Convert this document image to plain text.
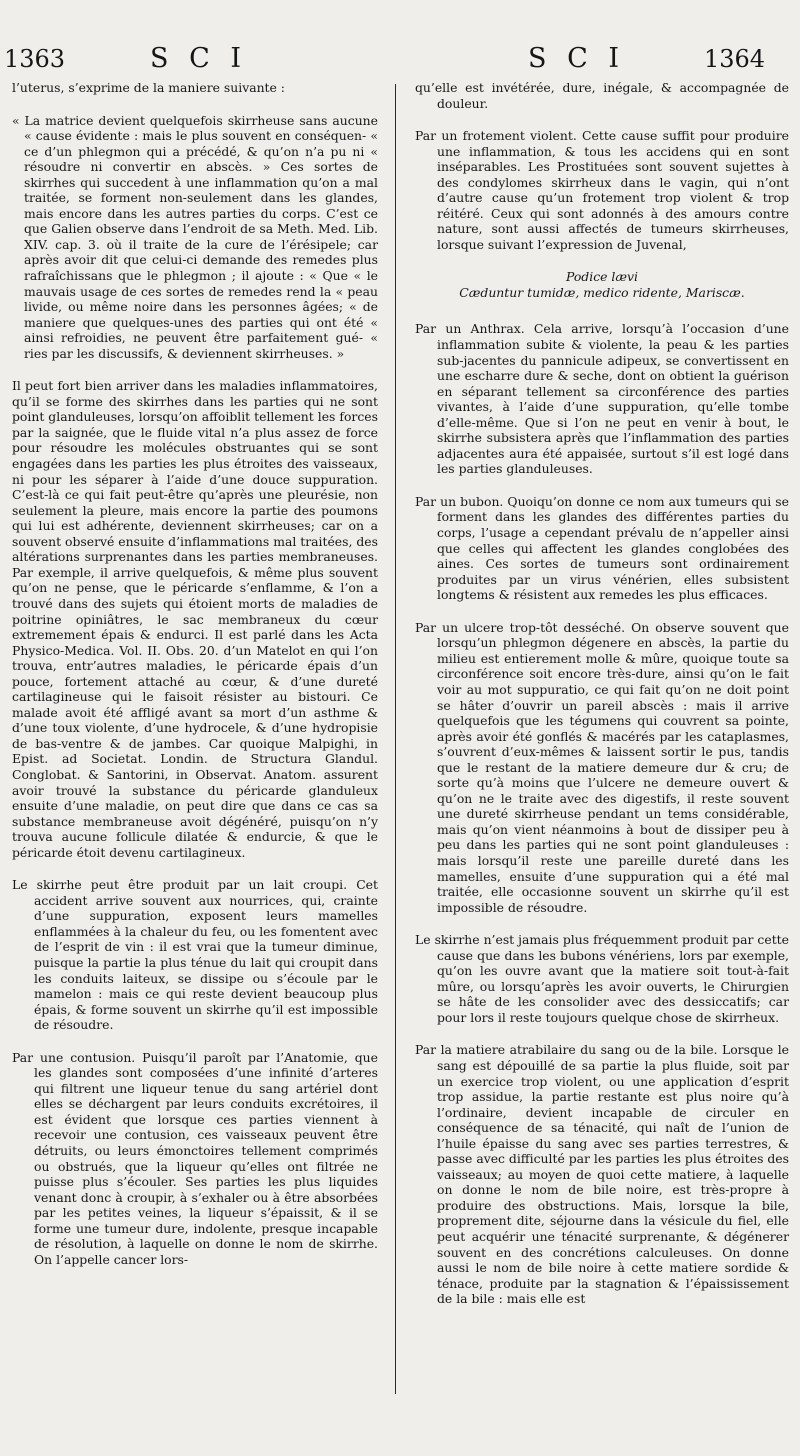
1363	S C I	S C I	1364

l’uterus, s’exprime de la maniere suivante :

« La matrice devient quelquefois skirrheuse sans aucune « cause évidente : mais le plus souvent en conséquen- « ce d’un phlegmon qui a précédé, & qu’on n’a pu ni « résoudre ni convertir en abscès. » Ces sortes de skirrhes qui succedent à une inflammation qu’on a mal traitée, se forment non-seulement dans les glandes, mais encore dans les autres parties du corps. C’est ce que Galien observe dans l’endroit de sa Meth. Med. Lib. XIV. cap. 3. où il traite de la cure de l’érésipele; car après avoir dit que celui-ci demande des remedes plus rafraîchissans que le phlegmon ; il ajoute : « Que « le mauvais usage de ces sortes de remedes rend la « peau livide, ou même noire dans les personnes âgées; « de maniere que quelques-unes des parties qui ont été « ainsi refroidies, ne peuvent être parfaitement gué- « ries par les discussifs, & deviennent skirrheuses. »

Il peut fort bien arriver dans les maladies inflammatoires, qu’il se forme des skirrhes dans les parties qui ne sont point glanduleuses, lorsqu’on affoiblit tellement les forces par la saignée, que le fluide vital n’a plus assez de force pour résoudre les molécules obstruantes qui se sont engagées dans les parties les plus étroites des vaisseaux, ni pour les séparer à l’aide d’une douce suppuration. C’est-là ce qui fait peut-être qu’après une pleurésie, non seulement la pleure, mais encore la partie des poumons qui lui est adhérente, deviennent skirrheuses; car on a souvent observé ensuite d’inflammations mal traitées, des altérations surprenantes dans les parties membraneuses. Par exemple, il arrive quelquefois, & même plus souvent qu’on ne pense, que le péricarde s’enflamme, & l’on a trouvé dans des sujets qui étoient morts de maladies de poitrine opiniâtres, le sac membraneux du cœur extremement épais & endurci. Il est parlé dans les Acta Physico-Medica. Vol. II. Obs. 20. d’un Matelot en qui l’on trouva, entr’autres maladies, le péricarde épais d’un pouce, fortement attaché au cœur, & d’une dureté cartilagineuse qui le faisoit résister au bistouri. Ce malade avoit été affligé avant sa mort d’un asthme & d’une toux violente, d’une hydrocele, & d’une hydropisie de bas-ventre & de jambes. Car quoique Malpighi, in Epist. ad Societat. Londin. de Structura Glandul. Conglobat. & Santorini, in Observat. Anatom. assurent avoir trouvé la substance du péricarde glanduleux ensuite d’une maladie, on peut dire que dans ce cas sa substance membraneuse avoit dégénéré, puisqu’on n’y trouva aucune follicule dilatée & endurcie, & que le péricarde étoit devenu cartilagineux.

Le skirrhe peut être produit par un lait croupi. Cet accident arrive souvent aux nourrices, qui, crainte d’une suppuration, exposent leurs mamelles enflammées à la chaleur du feu, ou les fomentent avec de l’esprit de vin : il est vrai que la tumeur diminue, puisque la partie la plus ténue du lait qui croupit dans les conduits laiteux, se dissipe ou s’écoule par le mamelon : mais ce qui reste devient beaucoup plus épais, & forme souvent un skirrhe qu’il est impossible de résoudre.

Par une contusion. Puisqu’il paroît par l’Anatomie, que les glandes sont composées d’une infinité d’arteres qui filtrent une liqueur tenue du sang artériel dont elles se déchargent par leurs conduits excrétoires, il est évident que lorsque ces parties viennent à recevoir une contusion, ces vaisseaux peuvent être détruits, ou leurs émonctoires tellement comprimés ou obstrués, que la liqueur qu’elles ont filtrée ne puisse plus s’écouler. Ses parties les plus liquides venant donc à croupir, à s’exhaler ou à être absorbées par les petites veines, la liqueur s’épaissit, & il se forme une tumeur dure, indolente, presque incapable de résolution, à laquelle on donne le nom de skirrhe. On l’appelle cancer lors-

qu’elle est invétérée, dure, inégale, & accompagnée de douleur.

Par un frotement violent. Cette cause suffit pour produire une inflammation, & tous les accidens qui en sont inséparables. Les Prostituées sont souvent sujettes à des condylomes skirrheux dans le vagin, qui n’ont d’autre cause qu’un frotement trop violent & trop réitéré. Ceux qui sont adonnés à des amours contre nature, sont aussi affectés de tumeurs skirrheuses, lorsque suivant l’expression de Juvenal,

Podice lævi
Cæduntur tumidæ, medico ridente, Mariscæ.

Par un Anthrax. Cela arrive, lorsqu’à l’occasion d’une inflammation subite & violente, la peau & les parties sub-jacentes du pannicule adipeux, se convertissent en une escharre dure & seche, dont on obtient la guérison en séparant tellement sa circonférence des parties vivantes, à l’aide d’une suppuration, qu’elle tombe d’elle-même. Que si l’on ne peut en venir à bout, le skirrhe subsistera après que l’inflammation des parties adjacentes aura été appaisée, surtout s’il est logé dans les parties glanduleuses.

Par un bubon. Quoiqu’on donne ce nom aux tumeurs qui se forment dans les glandes des différentes parties du corps, l’usage a cependant prévalu de n’appeller ainsi que celles qui affectent les glandes conglobées des aines. Ces sortes de tumeurs sont ordinairement produites par un virus vénérien, elles subsistent longtems & résistent aux remedes les plus efficaces.

Par un ulcere trop-tôt desséché. On observe souvent que lorsqu’un phlegmon dégenere en abscès, la partie du milieu est entierement molle & mûre, quoique toute sa circonférence soit encore très-dure, ainsi qu’on le fait voir au mot suppuratio, ce qui fait qu’on ne doit point se hâter d’ouvrir un pareil abscès : mais il arrive quelquefois que les tégumens qui couvrent sa pointe, après avoir été gonflés & macérés par les cataplasmes, s’ouvrent d’eux-mêmes & laissent sortir le pus, tandis que le restant de la matiere demeure dur & cru; de sorte qu’à moins que l’ulcere ne demeure ouvert & qu’on ne le traite avec des digestifs, il reste souvent une dureté skirrheuse pendant un tems considérable, mais qu’on vient néanmoins à bout de dissiper peu à peu dans les parties qui ne sont point glanduleuses : mais lorsqu’il reste une pareille dureté dans les mamelles, ensuite d’une suppuration qui a été mal traitée, elle occasionne souvent un skirrhe qu’il est impossible de résoudre.

Le skirrhe n’est jamais plus fréquemment produit par cette cause que dans les bubons vénériens, lors par exemple, qu’on les ouvre avant que la matiere soit tout-à-fait mûre, ou lorsqu’après les avoir ouverts, le Chirurgien se hâte de les consolider avec des dessiccatifs; car pour lors il reste toujours quelque chose de skirrheux.

Par la matiere atrabilaire du sang ou de la bile. Lorsque le sang est dépouillé de sa partie la plus fluide, soit par un exercice trop violent, ou une application d’esprit trop assidue, la partie restante est plus noire qu’à l’ordinaire, devient incapable de circuler en conséquence de sa ténacité, qui naît de l’union de l’huile épaisse du sang avec ses parties terrestres, & passe avec difficulté par les parties les plus étroites des vaisseaux; au moyen de quoi cette matiere, à laquelle on donne le nom de bile noire, est très-propre à produire des obstructions. Mais, lorsque la bile, proprement dite, séjourne dans la vésicule du fiel, elle peut acquérir une ténacité surprenante, & dégénerer souvent en des concrétions calculeuses. On donne aussi le nom de bile noire à cette matiere sordide & ténace, produite par la stagnation & l’épaississement de la bile : mais elle est
